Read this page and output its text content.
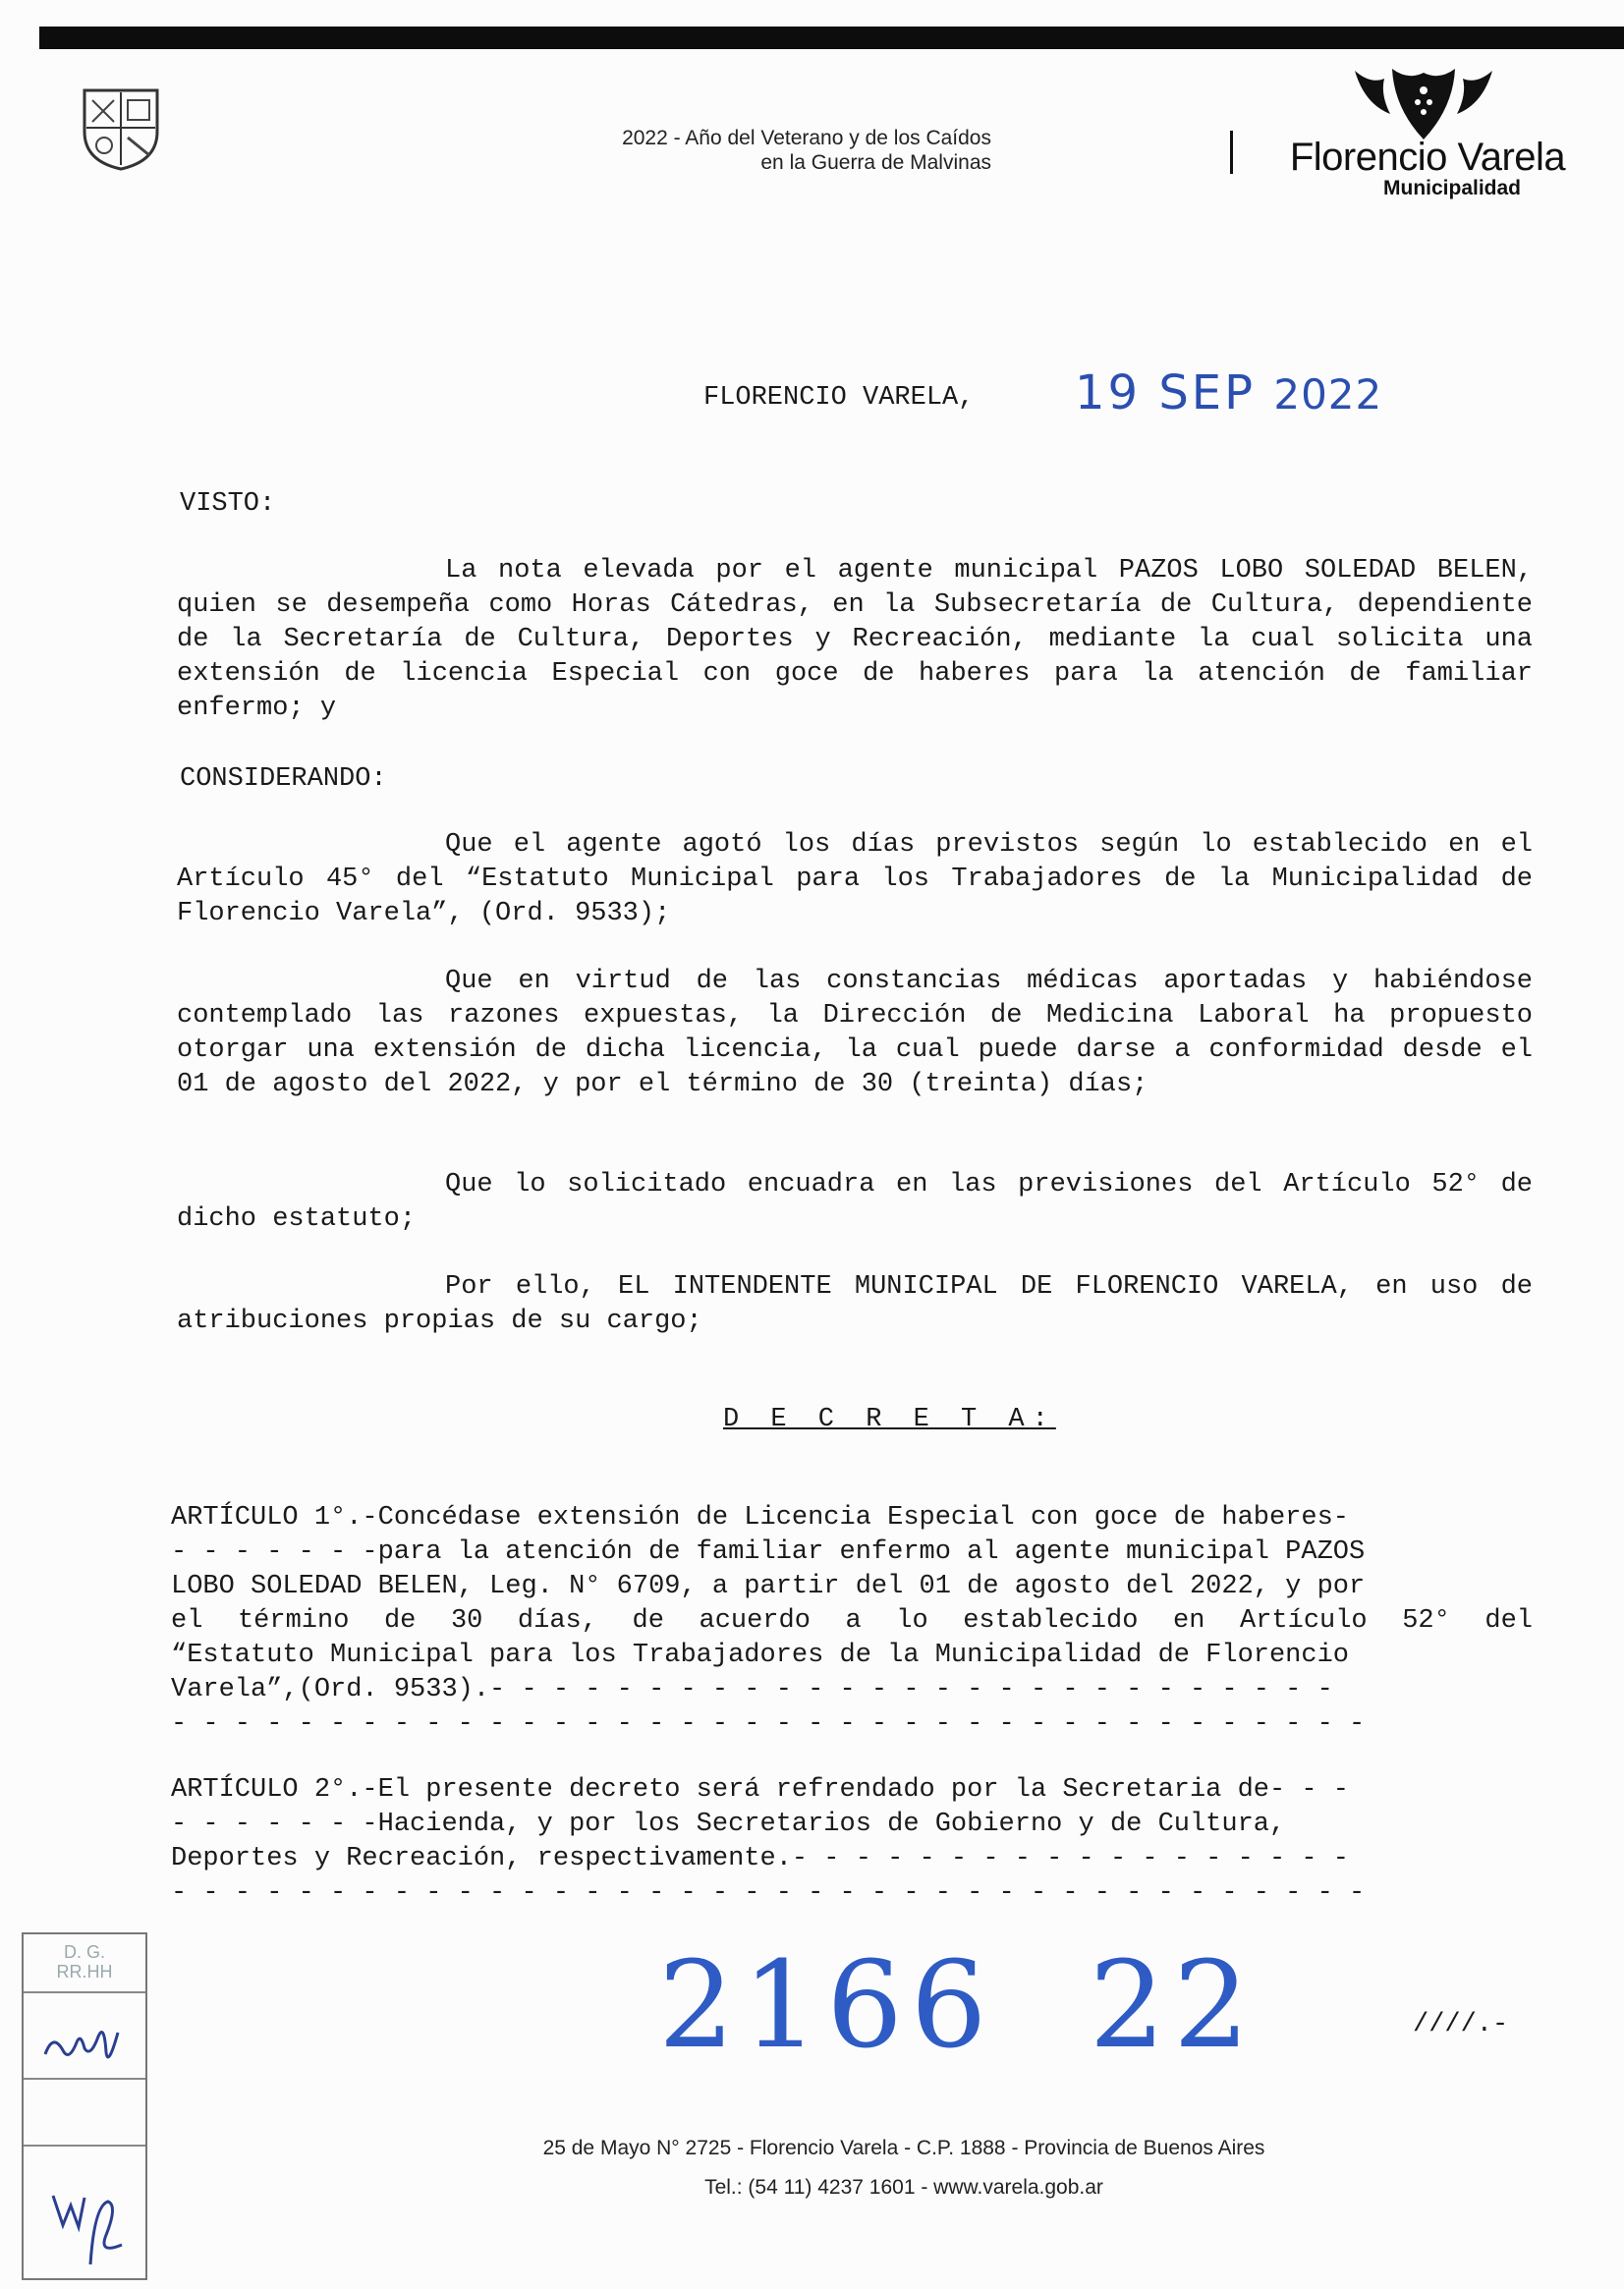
2022 - Año del Veterano y de los Caídos
en la Guerra de Malvinas	Florencio Varela
Municipalidad
FLORENCIO VARELA, 19 SEP 2022
VISTO:

La nota elevada por el agente municipal PAZOS LOBO SOLEDAD BELEN, quien se desempeña como Horas Cátedras, en la Subsecretaría de Cultura, dependiente de la Secretaría de Cultura, Deportes y Recreación, mediante la cual solicita una extensión de licencia Especial con goce de haberes para la atención de familiar enfermo; y

CONSIDERANDO:

Que el agente agotó los días previstos según lo establecido en el Artículo 45° del “Estatuto Municipal para los Trabajadores de la Municipalidad de Florencio Varela”, (Ord. 9533);

Que en virtud de las constancias médicas aportadas y habiéndose contemplado las razones expuestas, la Dirección de Medicina Laboral ha propuesto otorgar una extensión de dicha licencia, la cual puede darse a conformidad desde el 01 de agosto del 2022, y por el término de 30 (treinta) días;

Que lo solicitado encuadra en las previsiones del Artículo 52° de dicho estatuto;

Por ello, EL INTENDENTE MUNICIPAL DE FLORENCIO VARELA, en uso de atribuciones propias de su cargo;

D E C R E T A:
ARTÍCULO 1°.-Concédase extensión de Licencia Especial con goce de haberes-
- - - - - - -para la atención de familiar enfermo al agente municipal PAZOS
LOBO SOLEDAD BELEN, Leg. N° 6709, a partir del 01 de agosto del 2022, y por
el término de 30 días, de acuerdo a lo establecido en Artículo 52° del
“Estatuto Municipal para los Trabajadores de la Municipalidad de Florencio
Varela”,(Ord. 9533).- - - - - - - - - - - - - - - - - - - - - - - - - - -
- - - - - - - - - - - - - - - - - - - - - - - - - - - - - - - - - - - - - -
ARTÍCULO 2°.-El presente decreto será refrendado por la Secretaria de- - -
- - - - - - -Hacienda, y por los Secretarios de Gobierno y de Cultura,
Deportes y Recreación, respectivamente.- - - - - - - - - - - - - - - - - -
- - - - - - - - - - - - - - - - - - - - - - - - - - - - - - - - - - - - - -
2166 22	////.-
D. G.
RR.HH
25 de Mayo N° 2725 - Florencio Varela - C.P. 1888 - Provincia de Buenos Aires
Tel.: (54 11) 4237 1601 - www.varela.gob.ar
